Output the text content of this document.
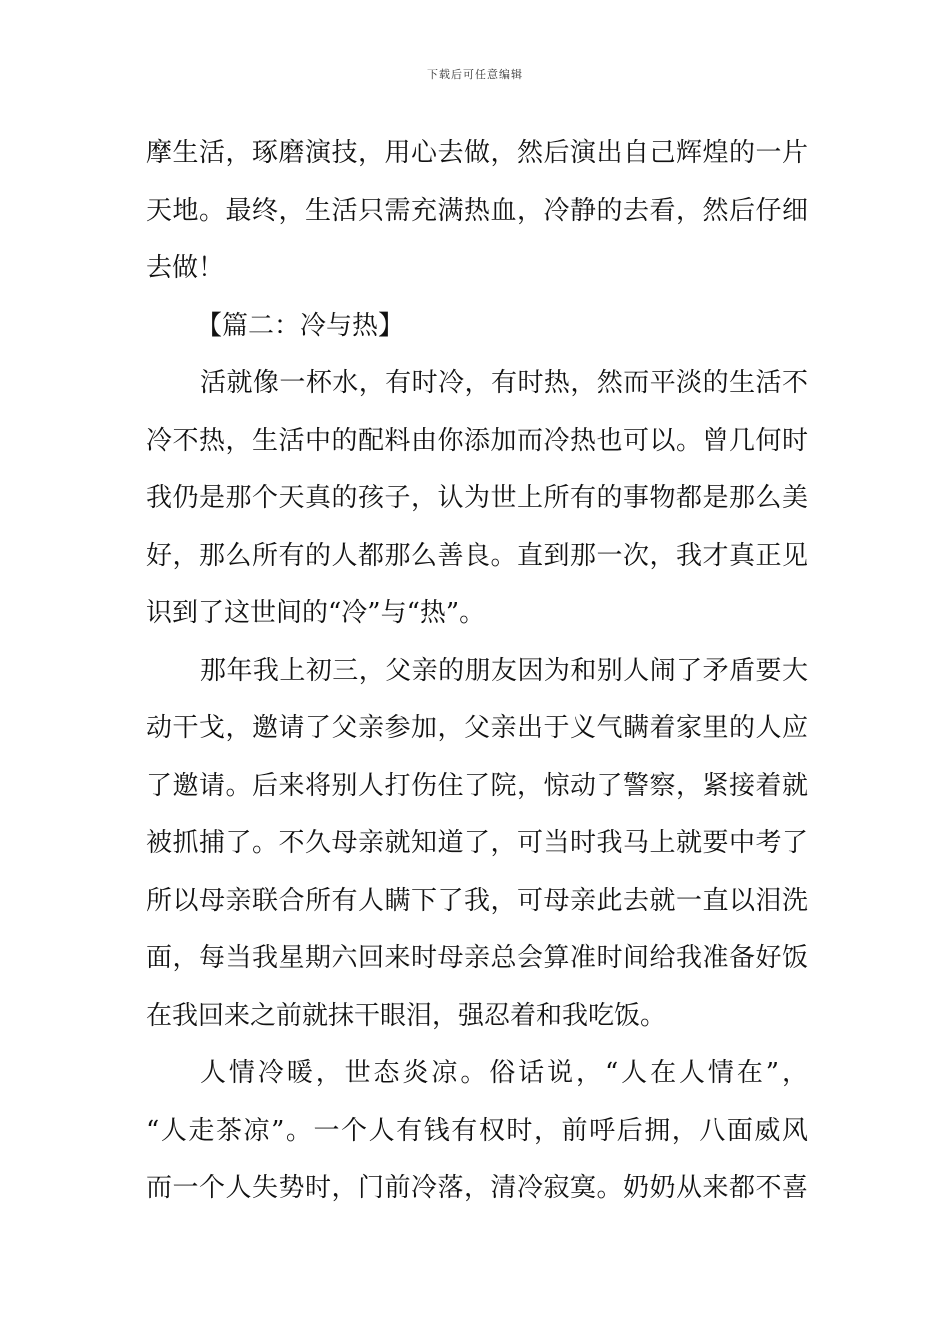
下载后可任意编辑
摩生活，琢磨演技，用心去做，然后演出自己辉煌的一片
天地。最终，生活只需充满热血，冷静的去看，然后仔细
去做！
【篇二：冷与热】
活就像一杯水，有时冷，有时热，然而平淡的生活不
冷不热，生活中的配料由你添加而冷热也可以。曾几何时
我仍是那个天真的孩子，认为世上所有的事物都是那么美
好，那么所有的人都那么善良。直到那一次，我才真正见
识到了这世间的“冷”与“热”。
那年我上初三，父亲的朋友因为和别人闹了矛盾要大
动干戈，邀请了父亲参加，父亲出于义气瞒着家里的人应
了邀请。后来将别人打伤住了院，惊动了警察，紧接着就
被抓捕了。不久母亲就知道了，可当时我马上就要中考了
所以母亲联合所有人瞒下了我，可母亲此去就一直以泪洗
面，每当我星期六回来时母亲总会算准时间给我准备好饭
在我回来之前就抹干眼泪，强忍着和我吃饭。
人情冷暖，世态炎凉。俗话说，“人在人情在”，
“人走茶凉”。一个人有钱有权时，前呼后拥，八面威风
而一个人失势时，门前冷落，清冷寂寞。奶奶从来都不喜
